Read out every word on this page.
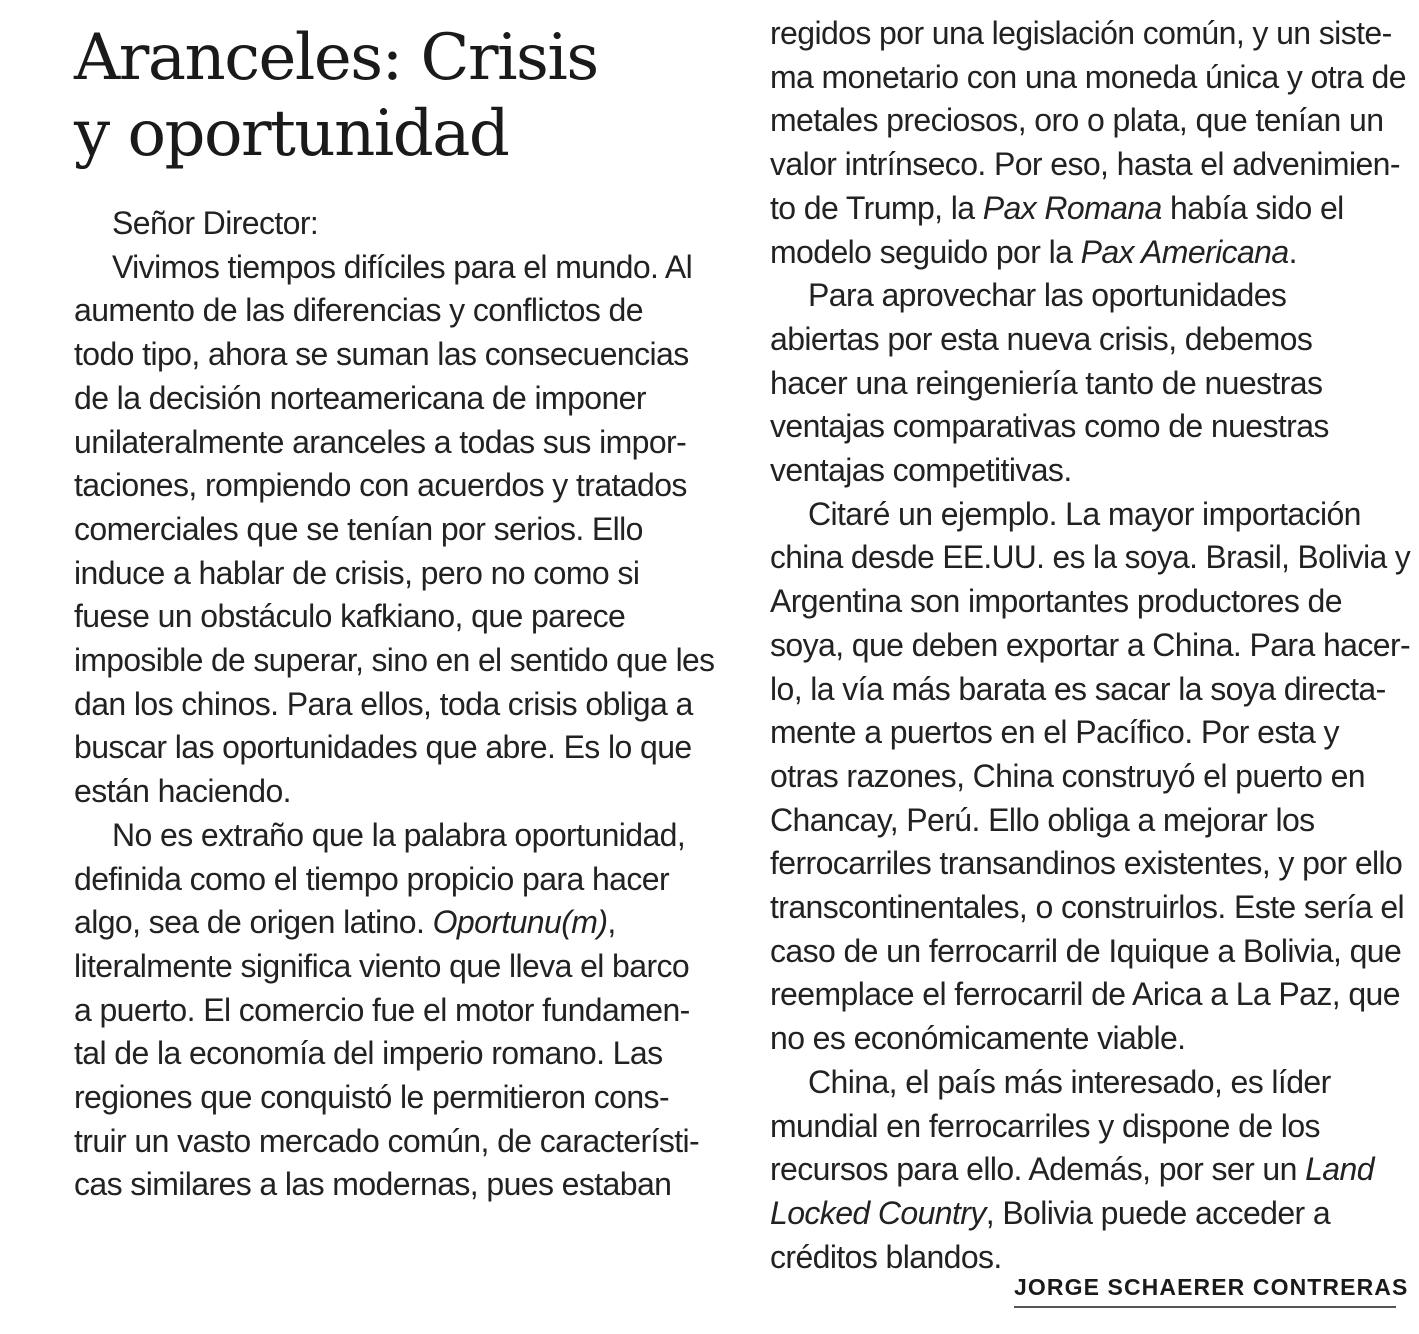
Aranceles: Crisis
y oportunidad
Señor Director:
Vivimos tiempos difíciles para el mundo. Al
aumento de las diferencias y conflictos de
todo tipo, ahora se suman las consecuencias
de la decisión norteamericana de imponer
unilateralmente aranceles a todas sus impor-
taciones, rompiendo con acuerdos y tratados
comerciales que se tenían por serios. Ello
induce a hablar de crisis, pero no como si
fuese un obstáculo kafkiano, que parece
imposible de superar, sino en el sentido que les
dan los chinos. Para ellos, toda crisis obliga a
buscar las oportunidades que abre. Es lo que
están haciendo.
No es extraño que la palabra oportunidad,
definida como el tiempo propicio para hacer
algo, sea de origen latino. Oportunu(m),
literalmente significa viento que lleva el barco
a puerto. El comercio fue el motor fundamen-
tal de la economía del imperio romano. Las
regiones que conquistó le permitieron cons-
truir un vasto mercado común, de característi-
cas similares a las modernas, pues estaban
regidos por una legislación común, y un siste-
ma monetario con una moneda única y otra de
metales preciosos, oro o plata, que tenían un
valor intrínseco. Por eso, hasta el advenimien-
to de Trump, la Pax Romana había sido el
modelo seguido por la Pax Americana.
Para aprovechar las oportunidades
abiertas por esta nueva crisis, debemos
hacer una reingeniería tanto de nuestras
ventajas comparativas como de nuestras
ventajas competitivas.
Citaré un ejemplo. La mayor importación
china desde EE.UU. es la soya. Brasil, Bolivia y
Argentina son importantes productores de
soya, que deben exportar a China. Para hacer-
lo, la vía más barata es sacar la soya directa-
mente a puertos en el Pacífico. Por esta y
otras razones, China construyó el puerto en
Chancay, Perú. Ello obliga a mejorar los
ferrocarriles transandinos existentes, y por ello
transcontinentales, o construirlos. Este sería el
caso de un ferrocarril de Iquique a Bolivia, que
reemplace el ferrocarril de Arica a La Paz, que
no es económicamente viable.
China, el país más interesado, es líder
mundial en ferrocarriles y dispone de los
recursos para ello. Además, por ser un Land
Locked Country, Bolivia puede acceder a
créditos blandos.
JORGE SCHAERER CONTRERAS
